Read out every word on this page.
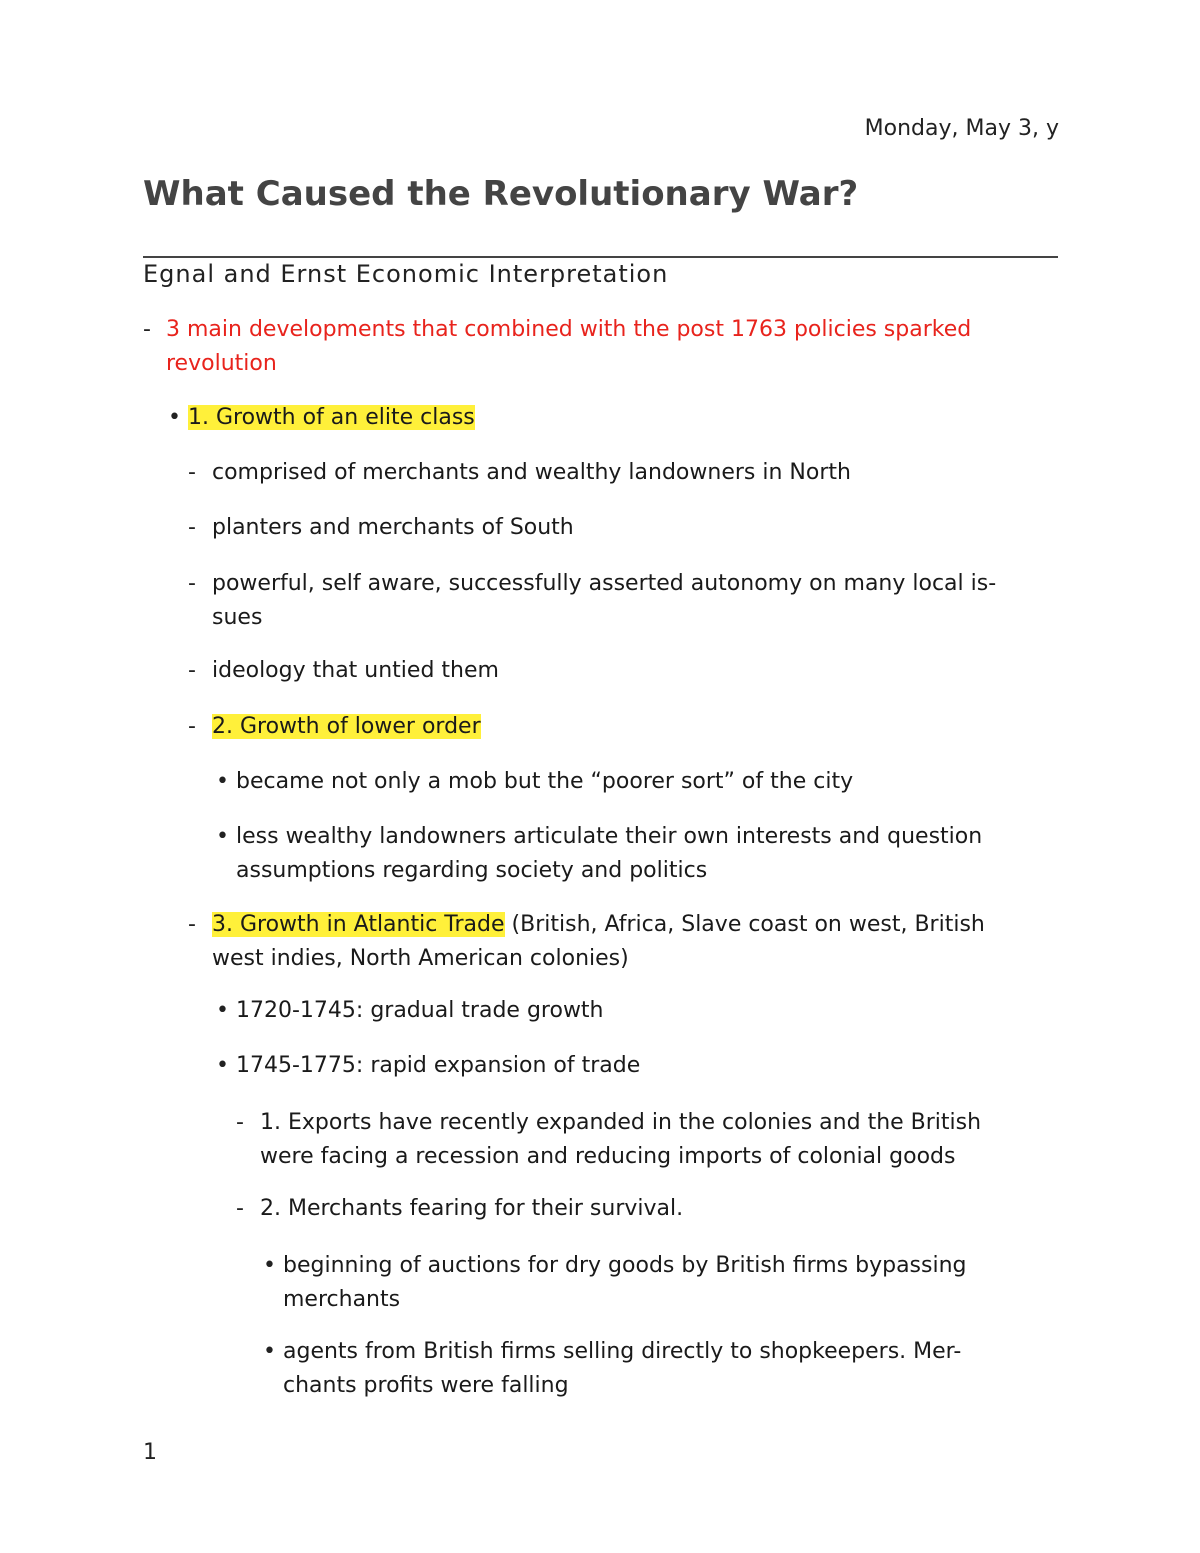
Monday, May 3, y
What Caused the Revolutionary War?
Egnal and Ernst Economic Interpretation
- 3 main developments that combined with the post 1763 policies sparked
revolution
• 1. Growth of an elite class
- comprised of merchants and wealthy landowners in North
- planters and merchants of South
- powerful, self aware, successfully asserted autonomy on many local is-
sues
- ideology that untied them
- 2. Growth of lower order
• became not only a mob but the “poorer sort” of the city
• less wealthy landowners articulate their own interests and question
assumptions regarding society and politics
- 3. Growth in Atlantic Trade (British, Africa, Slave coast on west, British
west indies, North American colonies)
• 1720-1745: gradual trade growth
• 1745-1775: rapid expansion of trade
- 1. Exports have recently expanded in the colonies and the British
were facing a recession and reducing imports of colonial goods
- 2. Merchants fearing for their survival.
• beginning of auctions for dry goods by British firms bypassing
merchants
• agents from British firms selling directly to shopkeepers. Mer-
chants profits were falling
1
